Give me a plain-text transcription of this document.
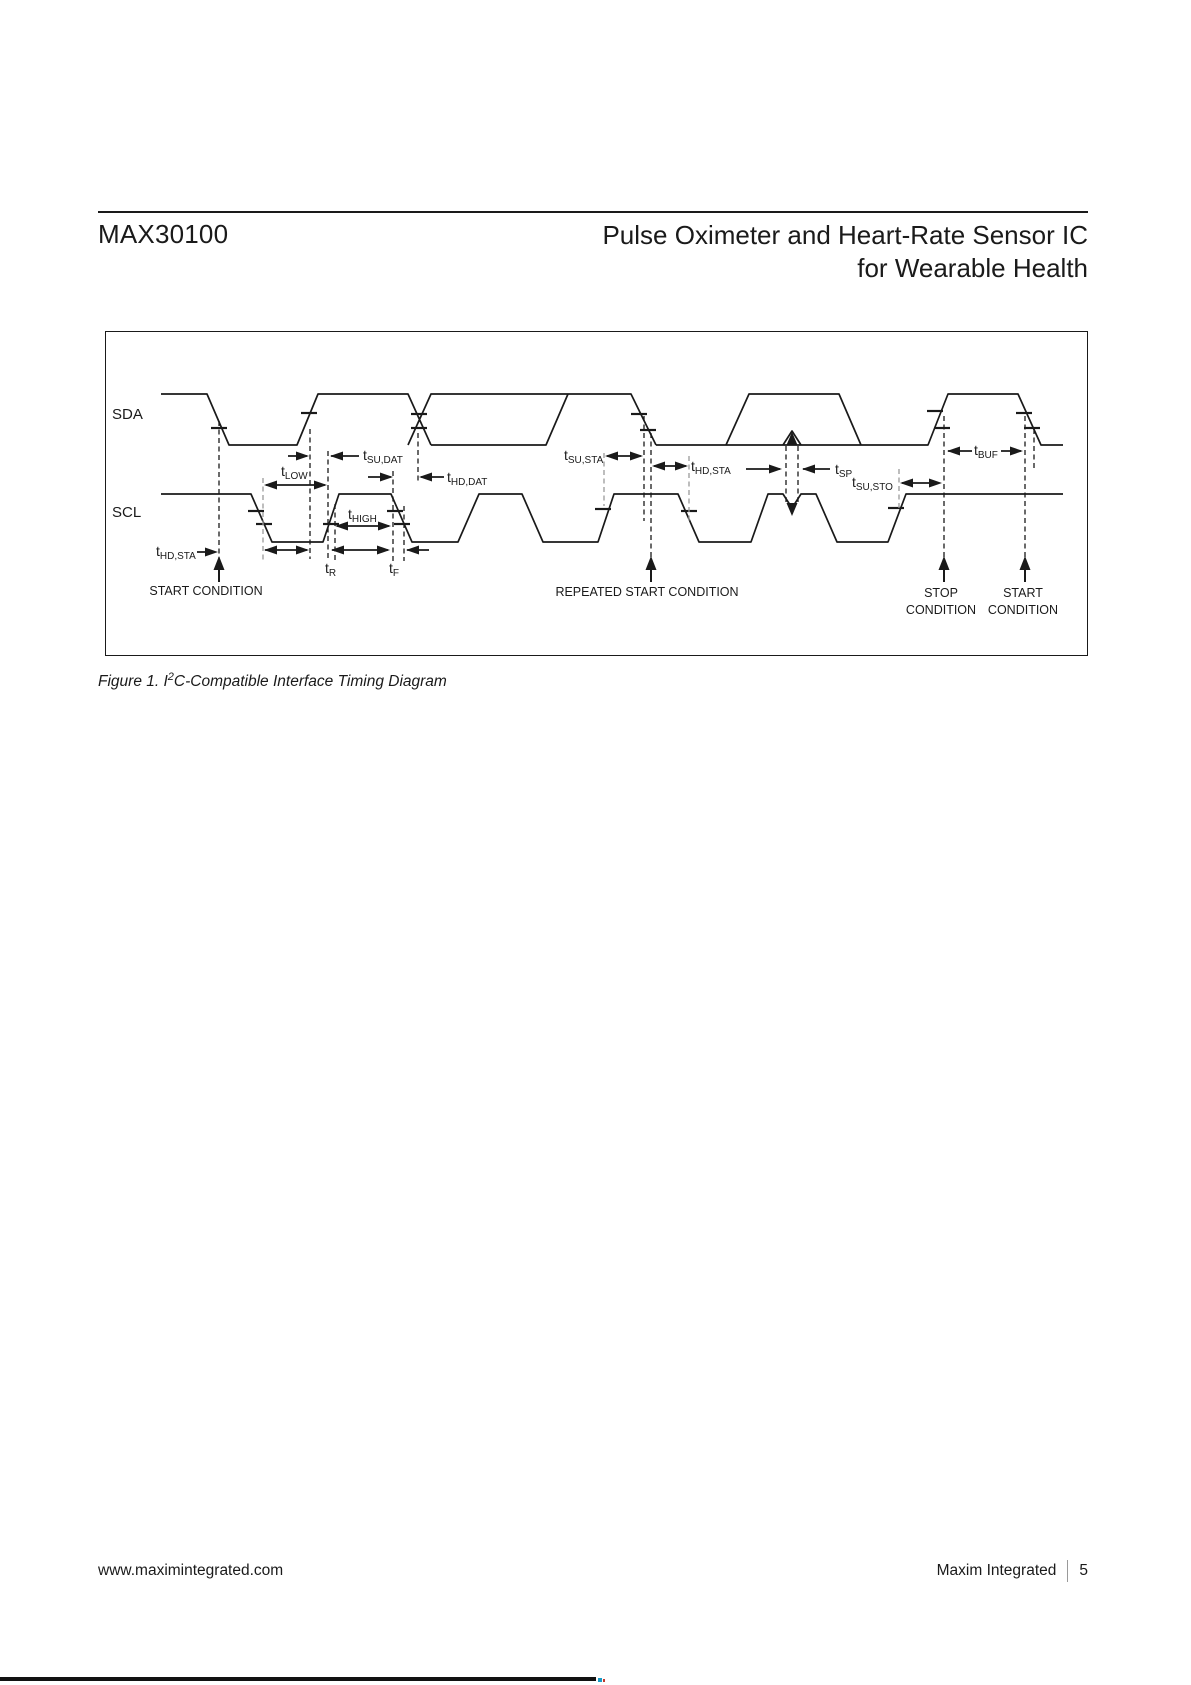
MAX30100	Pulse Oximeter and Heart-Rate Sensor IC
for Wearable Health
SDA
SCL
$t_{SU,DAT}$
$t_{LOW}$	$t_{HD,DAT}$
$t_{HIGH}$
$t_{HD,STA}$
$t_R$	$t_F$
$t_{SU,STA}$	$t_{HD,STA}$	$t_{SP}$ $t_{SU,STO}$
$t_{BUF}$
START CONDITION	REPEATED START CONDITION	STOP
CONDITION
START
CONDITION
Figure 1. $I^2C$-Compatible Interface Timing Diagram
www.maximintegrated.com	Maxim Integrated 5
